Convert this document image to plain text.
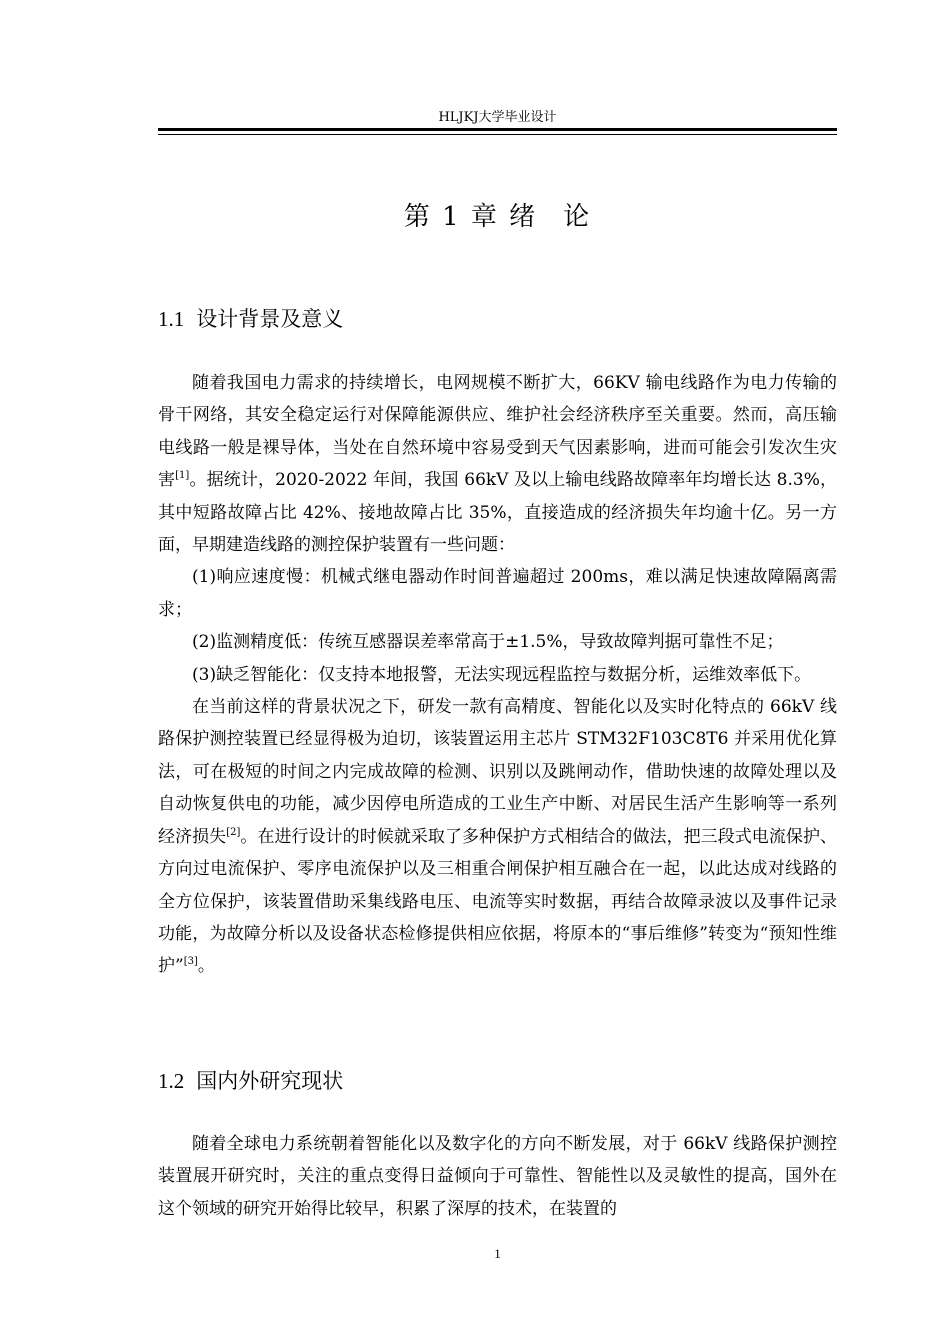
HLJKJ大学毕业设计
第 1 章 绪 论
1.1 设计背景及意义

随着我国电力需求的持续增长，电网规模不断扩大，66KV 输电线路作为电力传输的骨干网络，其安全稳定运行对保障能源供应、维护社会经济秩序至关重要。然而，高压输电线路一般是裸导体，当处在自然环境中容易受到天气因素影响，进而可能会引发次生灾害[1]。据统计，2020-2022 年间，我国 66kV 及以上输电线路故障率年均增长达 8.3%，其中短路故障占比 42%、接地故障占比 35%，直接造成的经济损失年均逾十亿。另一方面，早期建造线路的测控保护装置有一些问题：

(1)响应速度慢：机械式继电器动作时间普遍超过 200ms，难以满足快速故障隔离需求；

(2)监测精度低：传统互感器误差率常高于±1.5%，导致故障判据可靠性不足；

(3)缺乏智能化：仅支持本地报警，无法实现远程监控与数据分析，运维效率低下。

在当前这样的背景状况之下，研发一款有高精度、智能化以及实时化特点的 66kV 线路保护测控装置已经显得极为迫切，该装置运用主芯片 STM32F103C8T6 并采用优化算法，可在极短的时间之内完成故障的检测、识别以及跳闸动作，借助快速的故障处理以及自动恢复供电的功能，减少因停电所造成的工业生产中断、对居民生活产生影响等一系列经济损失[2]。在进行设计的时候就采取了多种保护方式相结合的做法，把三段式电流保护、方向过电流保护、零序电流保护以及三相重合闸保护相互融合在一起，以此达成对线路的全方位保护，该装置借助采集线路电压、电流等实时数据，再结合故障录波以及事件记录功能，为故障分析以及设备状态检修提供相应依据，将原本的“事后维修”转变为“预知性维护”[3]。

1.2 国内外研究现状

随着全球电力系统朝着智能化以及数字化的方向不断发展，对于 66kV 线路保护测控装置展开研究时，关注的重点变得日益倾向于可靠性、智能性以及灵敏性的提高，国外在这个领域的研究开始得比较早，积累了深厚的技术，在装置的

1
